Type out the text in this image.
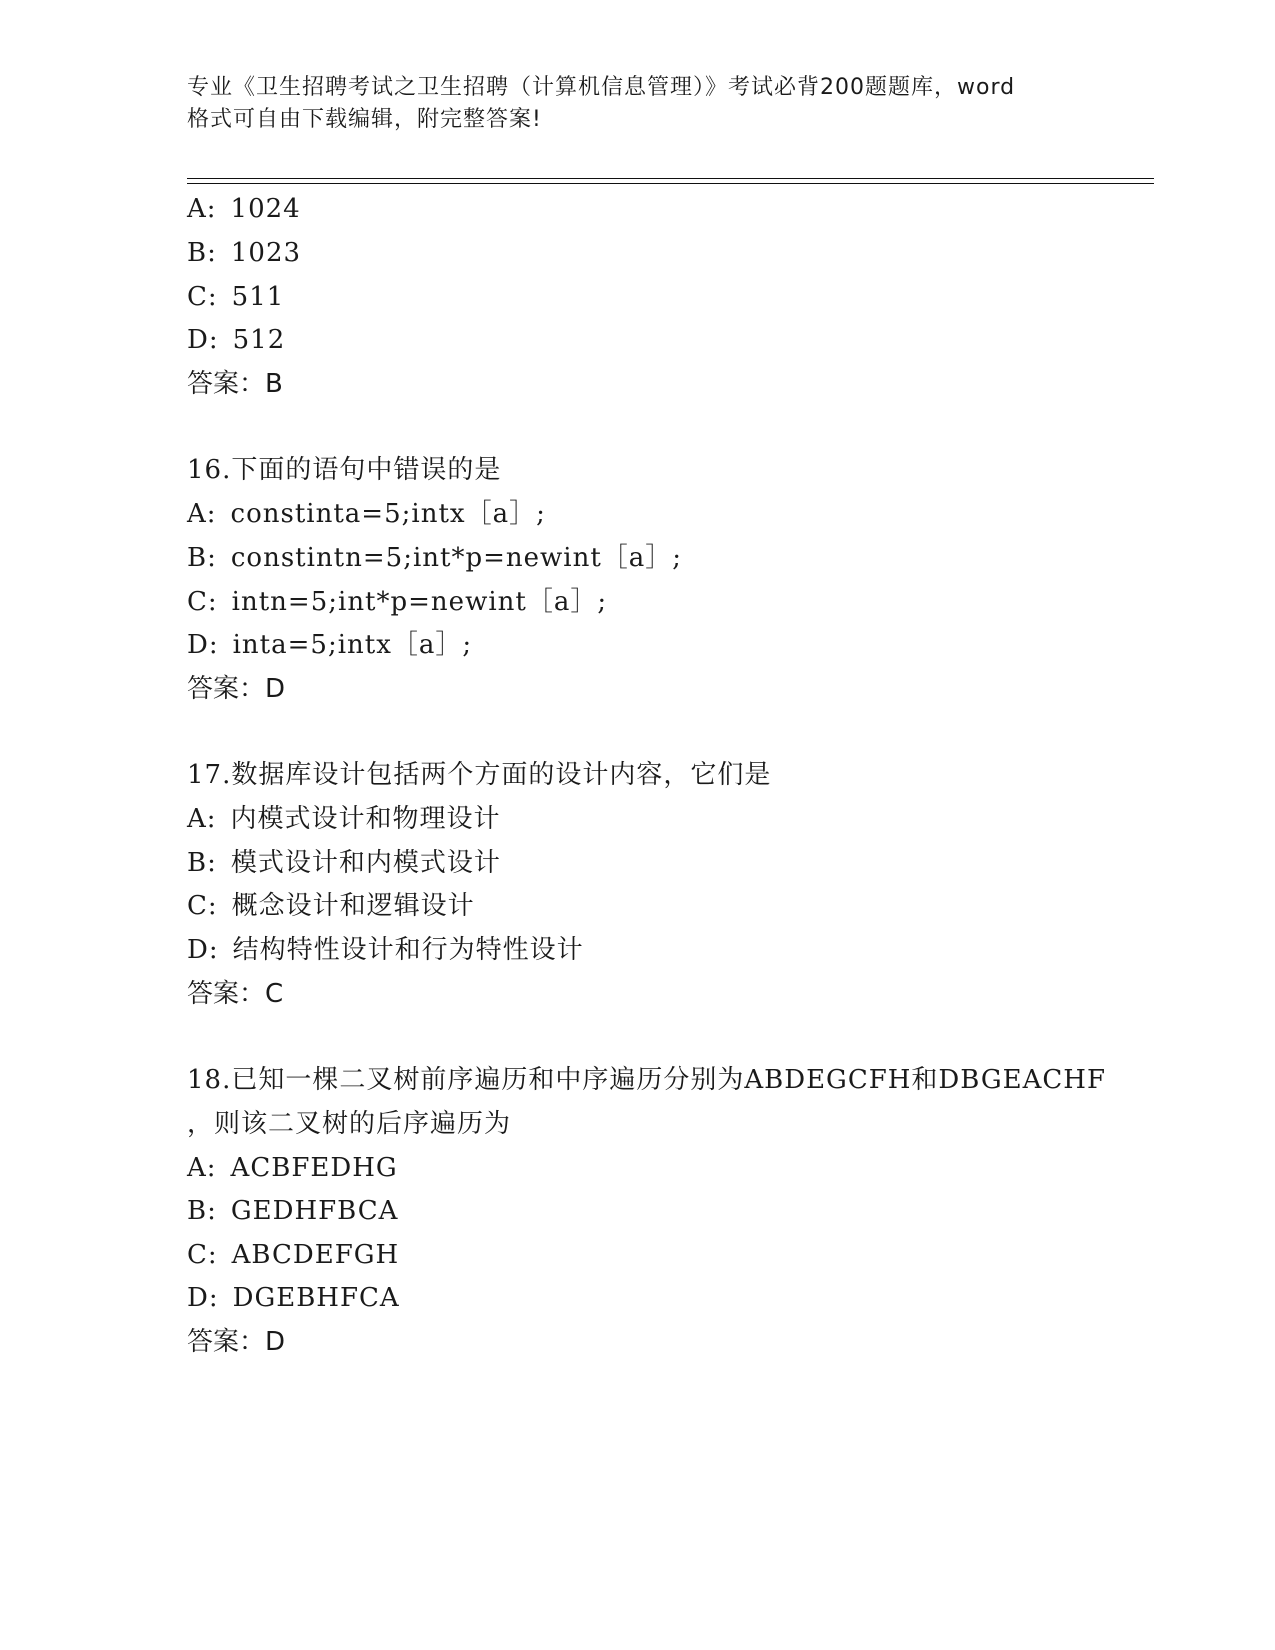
专业《卫生招聘考试之卫生招聘（计算机信息管理）》考试必背200题题库，word
格式可自由下载编辑，附完整答案!
A: 1024
B: 1023
C: 511
D: 512
答案：B
16.下面的语句中错误的是
A: constinta=5;intx［a］;
B: constintn=5;int*p=newint［a］;
C: intn=5;int*p=newint［a］;
D: inta=5;intx［a］;
答案：D
17.数据库设计包括两个方面的设计内容，它们是
A: 内模式设计和物理设计
B: 模式设计和内模式设计
C: 概念设计和逻辑设计
D: 结构特性设计和行为特性设计
答案：C
18.已知一棵二叉树前序遍历和中序遍历分别为ABDEGCFH和DBGEACHF
，则该二叉树的后序遍历为
A: ACBFEDHG
B: GEDHFBCA
C: ABCDEFGH
D: DGEBHFCA
答案：D
